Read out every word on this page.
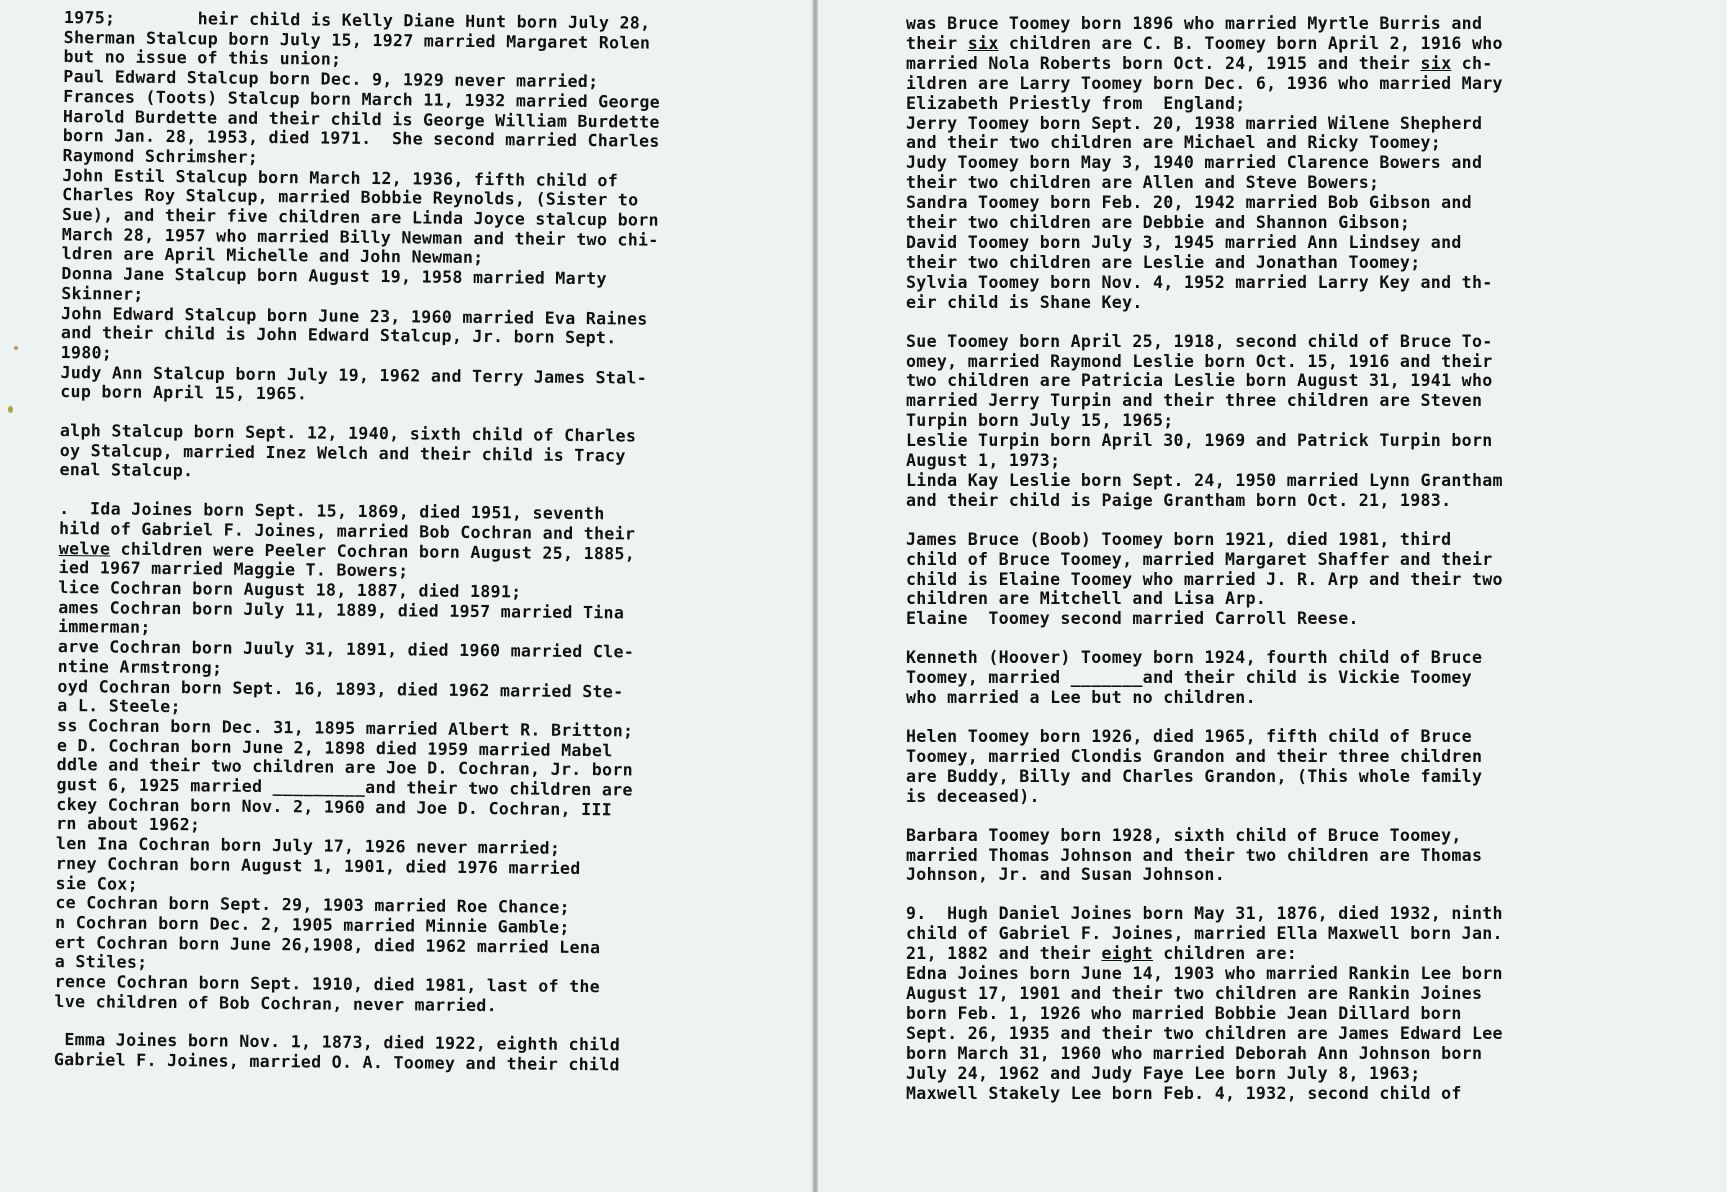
1975;        heir child is Kelly Diane Hunt born July 28,
Sherman Stalcup born July 15, 1927 married Margaret Rolen
but no issue of this union;
Paul Edward Stalcup born Dec. 9, 1929 never married;
Frances (Toots) Stalcup born March 11, 1932 married George
Harold Burdette and their child is George William Burdette
born Jan. 28, 1953, died 1971.  She second married Charles
Raymond Schrimsher;
John Estil Stalcup born March 12, 1936, fifth child of
Charles Roy Stalcup, married Bobbie Reynolds, (Sister to
Sue), and their five children are Linda Joyce stalcup born
March 28, 1957 who married Billy Newman and their two chi-
ldren are April Michelle and John Newman;
Donna Jane Stalcup born August 19, 1958 married Marty
Skinner;
John Edward Stalcup born June 23, 1960 married Eva Raines
and their child is John Edward Stalcup, Jr. born Sept.
1980;
Judy Ann Stalcup born July 19, 1962 and Terry James Stal-
cup born April 15, 1965.
alph Stalcup born Sept. 12, 1940, sixth child of Charles
oy Stalcup, married Inez Welch and their child is Tracy
enal Stalcup.
.  Ida Joines born Sept. 15, 1869, died 1951, seventh
hild of Gabriel F. Joines, married Bob Cochran and their
welve children were Peeler Cochran born August 25, 1885,
ied 1967 married Maggie T. Bowers;
lice Cochran born August 18, 1887, died 1891;
ames Cochran born July 11, 1889, died 1957 married Tina
immerman;
arve Cochran born Juuly 31, 1891, died 1960 married Cle-
ntine Armstrong;
oyd Cochran born Sept. 16, 1893, died 1962 married Ste-
a L. Steele;
ss Cochran born Dec. 31, 1895 married Albert R. Britton;
e D. Cochran born June 2, 1898 died 1959 married Mabel
ddle and their two children are Joe D. Cochran, Jr. born
gust 6, 1925 married _________and their two children are
ckey Cochran born Nov. 2, 1960 and Joe D. Cochran, III
rn about 1962;
len Ina Cochran born July 17, 1926 never married;
rney Cochran born August 1, 1901, died 1976 married
sie Cox;
ce Cochran born Sept. 29, 1903 married Roe Chance;
n Cochran born Dec. 2, 1905 married Minnie Gamble;
ert Cochran born June 26,1908, died 1962 married Lena
a Stiles;
rence Cochran born Sept. 1910, died 1981, last of the
lve children of Bob Cochran, never married.
Emma Joines born Nov. 1, 1873, died 1922, eighth child
Gabriel F. Joines, married O. A. Toomey and their child
was Bruce Toomey born 1896 who married Myrtle Burris and
their six children are C. B. Toomey born April 2, 1916 who
married Nola Roberts born Oct. 24, 1915 and their six ch-
ildren are Larry Toomey born Dec. 6, 1936 who married Mary
Elizabeth Priestly from  England;
Jerry Toomey born Sept. 20, 1938 married Wilene Shepherd
and their two children are Michael and Ricky Toomey;
Judy Toomey born May 3, 1940 married Clarence Bowers and
their two children are Allen and Steve Bowers;
Sandra Toomey born Feb. 20, 1942 married Bob Gibson and
their two children are Debbie and Shannon Gibson;
David Toomey born July 3, 1945 married Ann Lindsey and
their two children are Leslie and Jonathan Toomey;
Sylvia Toomey born Nov. 4, 1952 married Larry Key and th-
eir child is Shane Key.
Sue Toomey born April 25, 1918, second child of Bruce To-
omey, married Raymond Leslie born Oct. 15, 1916 and their
two children are Patricia Leslie born August 31, 1941 who
married Jerry Turpin and their three children are Steven
Turpin born July 15, 1965;
Leslie Turpin born April 30, 1969 and Patrick Turpin born
August 1, 1973;
Linda Kay Leslie born Sept. 24, 1950 married Lynn Grantham
and their child is Paige Grantham born Oct. 21, 1983.
James Bruce (Boob) Toomey born 1921, died 1981, third
child of Bruce Toomey, married Margaret Shaffer and their
child is Elaine Toomey who married J. R. Arp and their two
children are Mitchell and Lisa Arp.
Elaine  Toomey second married Carroll Reese.
Kenneth (Hoover) Toomey born 1924, fourth child of Bruce
Toomey, married _______and their child is Vickie Toomey
who married a Lee but no children.
Helen Toomey born 1926, died 1965, fifth child of Bruce
Toomey, married Clondis Grandon and their three children
are Buddy, Billy and Charles Grandon, (This whole family
is deceased).
Barbara Toomey born 1928, sixth child of Bruce Toomey,
married Thomas Johnson and their two children are Thomas
Johnson, Jr. and Susan Johnson.
9.  Hugh Daniel Joines born May 31, 1876, died 1932, ninth
child of Gabriel F. Joines, married Ella Maxwell born Jan.
21, 1882 and their eight children are:
Edna Joines born June 14, 1903 who married Rankin Lee born
August 17, 1901 and their two children are Rankin Joines
born Feb. 1, 1926 who married Bobbie Jean Dillard born
Sept. 26, 1935 and their two children are James Edward Lee
born March 31, 1960 who married Deborah Ann Johnson born
July 24, 1962 and Judy Faye Lee born July 8, 1963;
Maxwell Stakely Lee born Feb. 4, 1932, second child of
